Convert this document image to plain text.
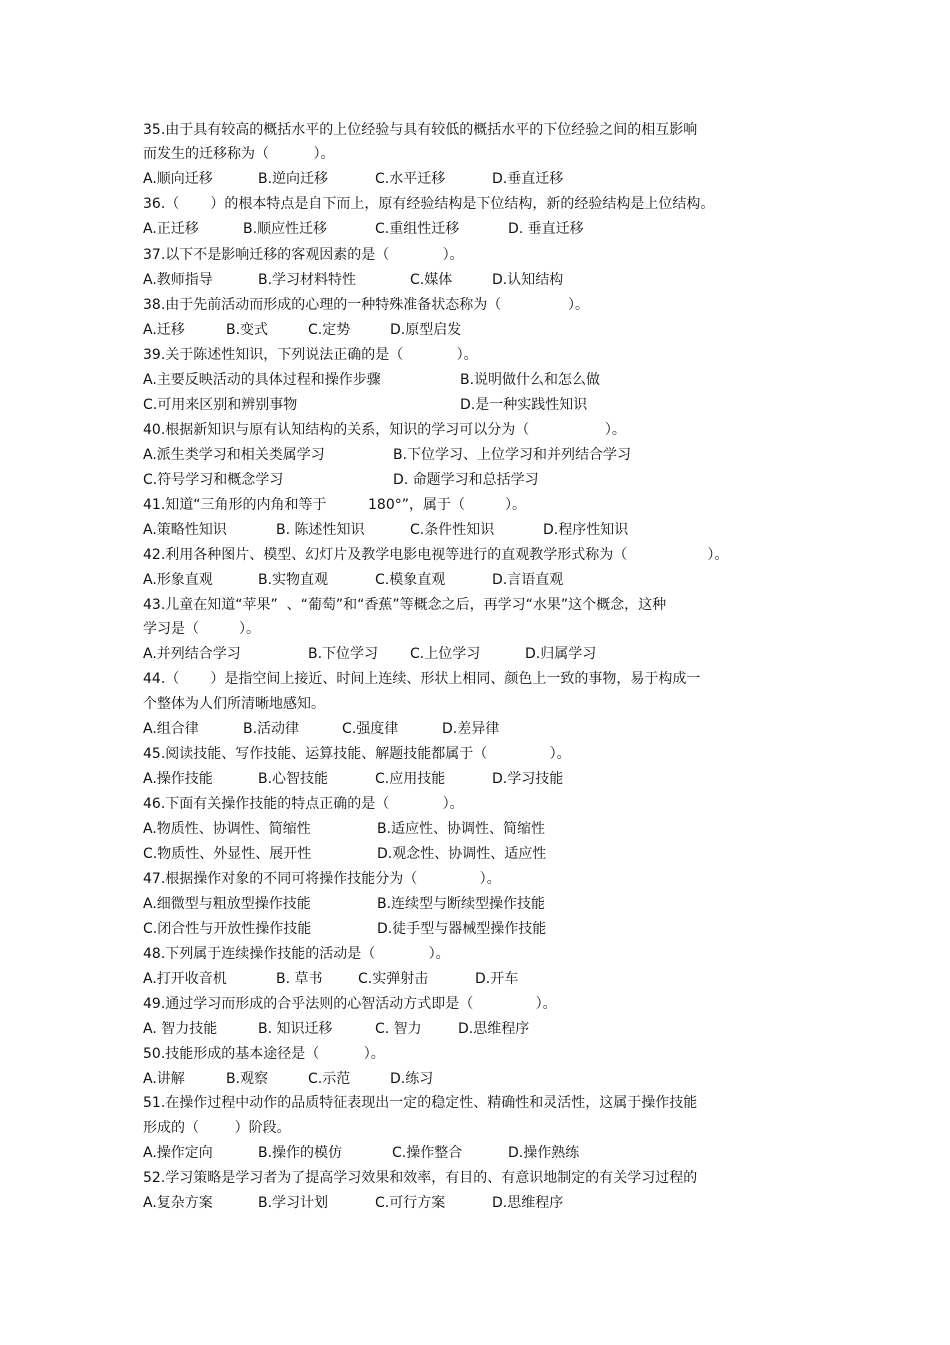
35.由于具有较高的概括水平的上位经验与具有较低的概括水平的下位经验之间的相互影响
而发生的迁移称为（          ）。
A.顺向迁移	B.逆向迁移	C.水平迁移	D.垂直迁移
36.（       ）的根本特点是自下而上，原有经验结构是下位结构，新的经验结构是上位结构。
A.正迁移	B.顺应性迁移	C.重组性迁移	D. 垂直迁移
37.以下不是影响迁移的客观因素的是（            ）。
A.教师指导	B.学习材料特性	C.媒体	D.认知结构
38.由于先前活动而形成的心理的一种特殊准备状态称为（               ）。
A.迁移	B.变式	C.定势	D.原型启发
39.关于陈述性知识，下列说法正确的是（            ）。
A.主要反映活动的具体过程和操作步骤	B.说明做什么和怎么做
C.可用来区别和辨别事物	D.是一种实践性知识
40.根据新知识与原有认知结构的关系，知识的学习可以分为（                 ）。
A.派生类学习和相关类属学习	B.下位学习、上位学习和并列结合学习
C.符号学习和概念学习	D. 命题学习和总括学习
41.知道“三角形的内角和等于	180°”，属于（         ）。
A.策略性知识	B. 陈述性知识	C.条件性知识	D.程序性知识
42.利用各种图片、模型、幻灯片及教学电影电视等进行的直观教学形式称为（                  ）。
A.形象直观	B.实物直观	C.模象直观	D.言语直观
43.儿童在知道“苹果”  、“葡萄”和“香蕉”等概念之后，再学习“水果”这个概念，这种
学习是（         ）。
A.并列结合学习	B.下位学习 C.上位学习	D.归属学习
44.（       ）是指空间上接近、时间上连续、形状上相同、颜色上一致的事物，易于构成一
个整体为人们所清晰地感知。
A.组合律	B.活动律	C.强度律	D.差异律
45.阅读技能、写作技能、运算技能、解题技能都属于（              ）。
A.操作技能	B.心智技能	C.应用技能	D.学习技能
46.下面有关操作技能的特点正确的是（            ）。
A.物质性、协调性、简缩性	B.适应性、协调性、简缩性
C.物质性、外显性、展开性	D.观念性、协调性、适应性
47.根据操作对象的不同可将操作技能分为（              ）。
A.细微型与粗放型操作技能	B.连续型与断续型操作技能
C.闭合性与开放性操作技能	D.徒手型与器械型操作技能
48.下列属于连续操作技能的活动是（            ）。
A.打开收音机	B. 草书	C.实弹射击	D.开车
49.通过学习而形成的合乎法则的心智活动方式即是（              ）。
A. 智力技能	B. 知识迁移	C. 智力	D.思维程序
50.技能形成的基本途径是（          ）。
A.讲解	B.观察	C.示范	D.练习
51.在操作过程中动作的品质特征表现出一定的稳定性、精确性和灵活性，这属于操作技能
形成的（        ）阶段。
A.操作定向	B.操作的模仿	C.操作整合	D.操作熟练
52.学习策略是学习者为了提高学习效果和效率，有目的、有意识地制定的有关学习过程的
A.复杂方案	B.学习计划	C.可行方案	D.思维程序
